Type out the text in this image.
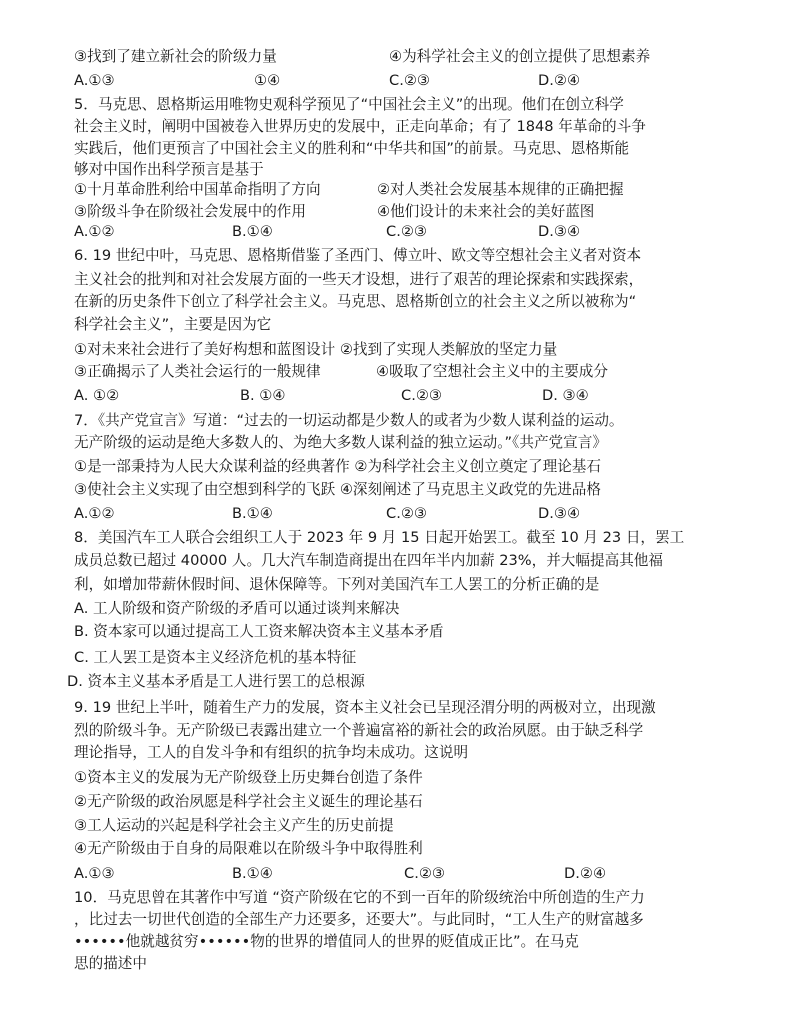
③找到了建立新社会的阶级力量	④为科学社会主义的创立提供了思想素养
A.①③	①④	C.②③	D.②④
5．马克思、恩格斯运用唯物史观科学预见了“中国社会主义”的出现。他们在创立科学
社会主义时，阐明中国被卷入世界历史的发展中，正走向革命；有了 1848 年革命的斗争
实践后，他们更预言了中国社会主义的胜利和“中华共和国”的前景。马克思、恩格斯能
够对中国作出科学预言是基于
①十月革命胜利给中国革命指明了方向	②对人类社会发展基本规律的正确把握
③阶级斗争在阶级社会发展中的作用	④他们设计的未来社会的美好蓝图
A.①②	B.①④	C.②③	D.③④
6. 19 世纪中叶，马克思、恩格斯借鉴了圣西门、傅立叶、欧文等空想社会主义者对资本
主义社会的批判和对社会发展方面的一些天才设想，进行了艰苦的理论探索和实践探索，
在新的历史条件下创立了科学社会主义。马克思、恩格斯创立的社会主义之所以被称为“
科学社会主义”，主要是因为它
①对未来社会进行了美好构想和蓝图设计 ②找到了实现人类解放的坚定力量
③正确揭示了人类社会运行的一般规律	④吸取了空想社会主义中的主要成分
A. ①②	B. ①④	C.②③	D. ③④
7．《共产党宣言》写道：“过去的一切运动都是少数人的或者为少数人谋利益的运动。
无产阶级的运动是绝大多数人的、为绝大多数人谋利益的独立运动。”《共产党宣言》
①是一部秉持为人民大众谋利益的经典著作 ②为科学社会主义创立奠定了理论基石
③使社会主义实现了由空想到科学的飞跃 ④深刻阐述了马克思主义政党的先进品格
A.①②	B.①④	C.②③	D.③④
8．美国汽车工人联合会组织工人于 2023 年 9 月 15 日起开始罢工。截至 10 月 23 日，罢工
成员总数已超过 40000 人。几大汽车制造商提出在四年半内加薪 23%，并大幅提高其他福
利，如增加带薪休假时间、退休保障等。下列对美国汽车工人罢工的分析正确的是
A. 工人阶级和资产阶级的矛盾可以通过谈判来解决
B. 资本家可以通过提高工人工资来解决资本主义基本矛盾
C. 工人罢工是资本主义经济危机的基本特征
D. 资本主义基本矛盾是工人进行罢工的总根源
9. 19 世纪上半叶，随着生产力的发展，资本主义社会已呈现泾渭分明的两极对立，出现激
烈的阶级斗争。无产阶级已表露出建立一个普遍富裕的新社会的政治夙愿。由于缺乏科学
理论指导，工人的自发斗争和有组织的抗争均未成功。这说明
①资本主义的发展为无产阶级登上历史舞台创造了条件
②无产阶级的政治夙愿是科学社会主义诞生的理论基石
③工人运动的兴起是科学社会主义产生的历史前提
④无产阶级由于自身的局限难以在阶级斗争中取得胜利
A.①③	B.①④	C.②③	D.②④
10．马克思曾在其著作中写道 “资产阶级在它的不到一百年的阶级统治中所创造的生产力
，比过去一切世代创造的全部生产力还要多，还要大”。与此同时，“工人生产的财富越多
••••••他就越贫穷••••••物的世界的增值同人的世界的贬值成正比”。在马克
思的描述中
